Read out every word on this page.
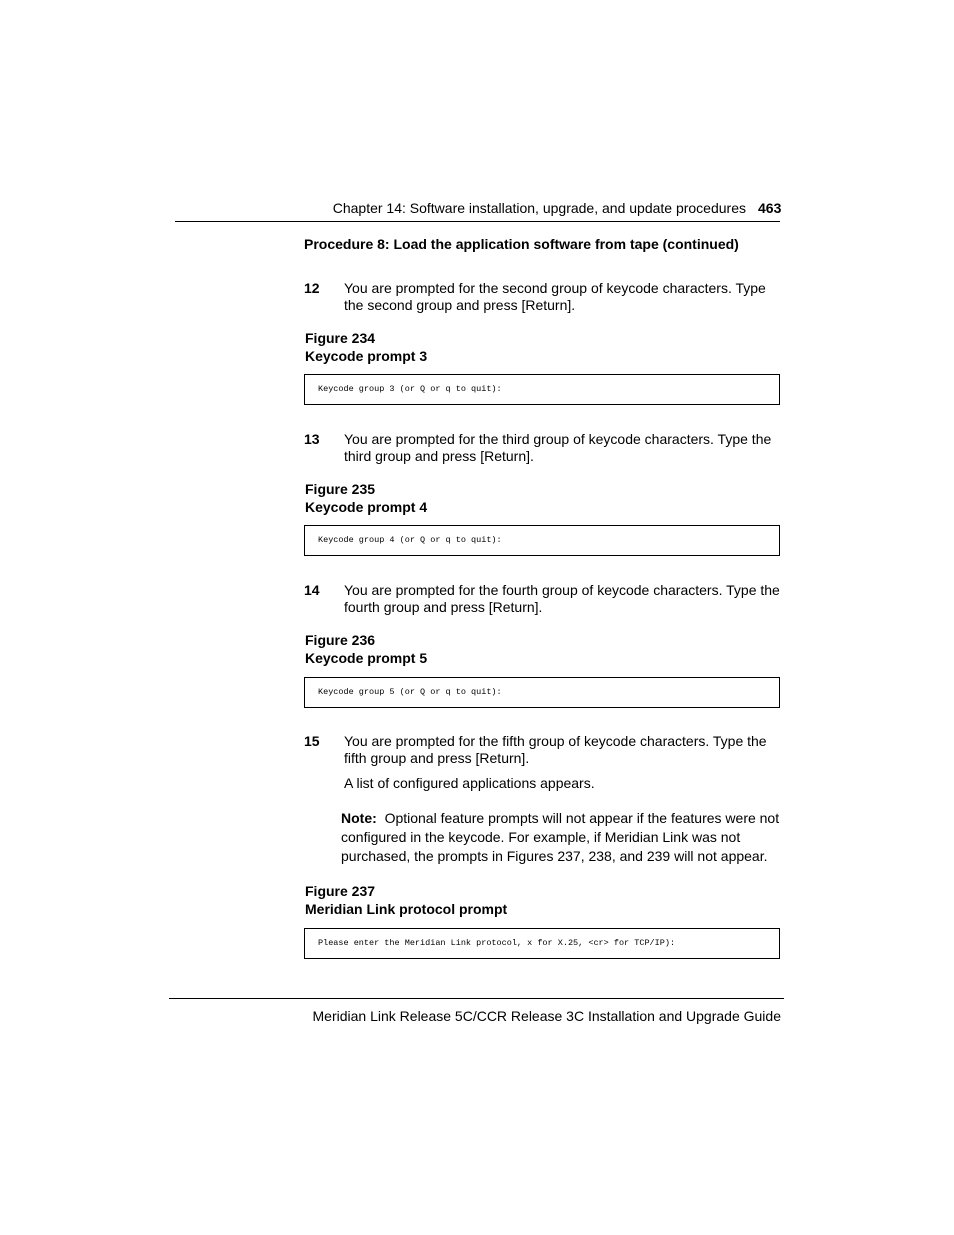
Chapter 14: Software installation, upgrade, and update procedures 463
Procedure 8: Load the application software from tape (continued)
12 You are prompted for the second group of keycode characters. Type the second group and press [Return].
Figure 234
Keycode prompt 3
Keycode group 3 (or Q or q to quit):
13 You are prompted for the third group of keycode characters. Type the third group and press [Return].
Figure 235
Keycode prompt 4
Keycode group 4 (or Q or q to quit):
14 You are prompted for the fourth group of keycode characters. Type the fourth group and press [Return].
Figure 236
Keycode prompt 5
Keycode group 5 (or Q or q to quit):
15 You are prompted for the fifth group of keycode characters. Type the fifth group and press [Return].
A list of configured applications appears.
Note: Optional feature prompts will not appear if the features were not configured in the keycode. For example, if Meridian Link was not purchased, the prompts in Figures 237, 238, and 239 will not appear.
Figure 237
Meridian Link protocol prompt
Please enter the Meridian Link protocol, x for X.25, <cr> for TCP/IP):
Meridian Link Release 5C/CCR Release 3C Installation and Upgrade Guide
